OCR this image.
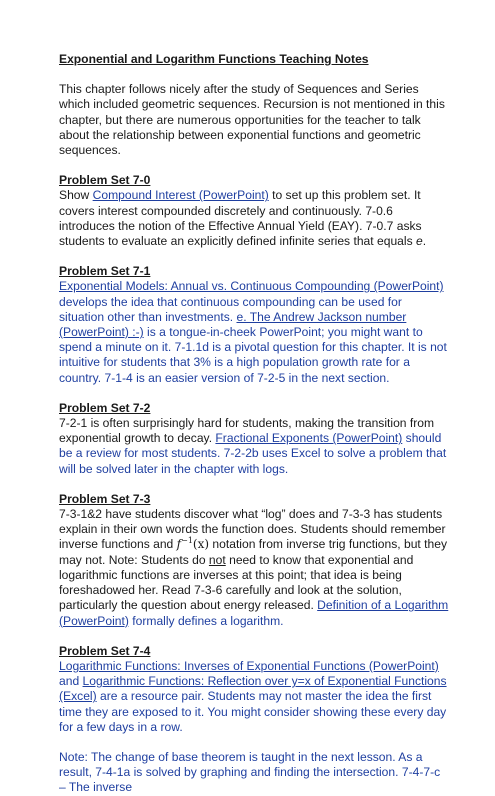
Exponential and Logarithm Functions Teaching Notes

This chapter follows nicely after the study of Sequences and Series which included geometric sequences. Recursion is not mentioned in this chapter, but there are numerous opportunities for the teacher to talk about the relationship between exponential functions and geometric sequences.

Problem Set 7-0

Show Compound Interest (PowerPoint) to set up this problem set. It covers interest compounded discretely and continuously. 7-0.6 introduces the notion of the Effective Annual Yield (EAY). 7-0.7 asks students to evaluate an explicitly defined infinite series that equals e.

Problem Set 7-1

Exponential Models: Annual vs. Continuous Compounding (PowerPoint) develops the idea that continuous compounding can be used for situation other than investments. e. The Andrew Jackson number (PowerPoint) :-) is a tongue-in-cheek PowerPoint; you might want to spend a minute on it. 7-1.1d is a pivotal question for this chapter. It is not intuitive for students that 3% is a high population growth rate for a country. 7-1-4 is an easier version of 7-2-5 in the next section.

Problem Set 7-2

7-2-1 is often surprisingly hard for students, making the transition from exponential growth to decay. Fractional Exponents (PowerPoint) should be a review for most students. 7-2-2b uses Excel to solve a problem that will be solved later in the chapter with logs.

Problem Set 7-3

7-3-1&2 have students discover what “log” does and 7-3-3 has students explain in their own words the function does. Students should remember inverse functions and $f^{-1}(x)$ notation from inverse trig functions, but they may not. Note: Students do not need to know that exponential and logarithmic functions are inverses at this point; that idea is being foreshadowed her. Read 7-3-6 carefully and look at the solution, particularly the question about energy released. Definition of a Logarithm (PowerPoint) formally defines a logarithm.

Problem Set 7-4

Logarithmic Functions: Inverses of Exponential Functions (PowerPoint) and Logarithmic Functions: Reflection over y=x of Exponential Functions (Excel) are a resource pair. Students may not master the idea the first time they are exposed to it. You might consider showing these every day for a few days in a row.

Note: The change of base theorem is taught in the next lesson. As a result, 7-4-1a is solved by graphing and finding the intersection. 7-4-7-c – The inverse
